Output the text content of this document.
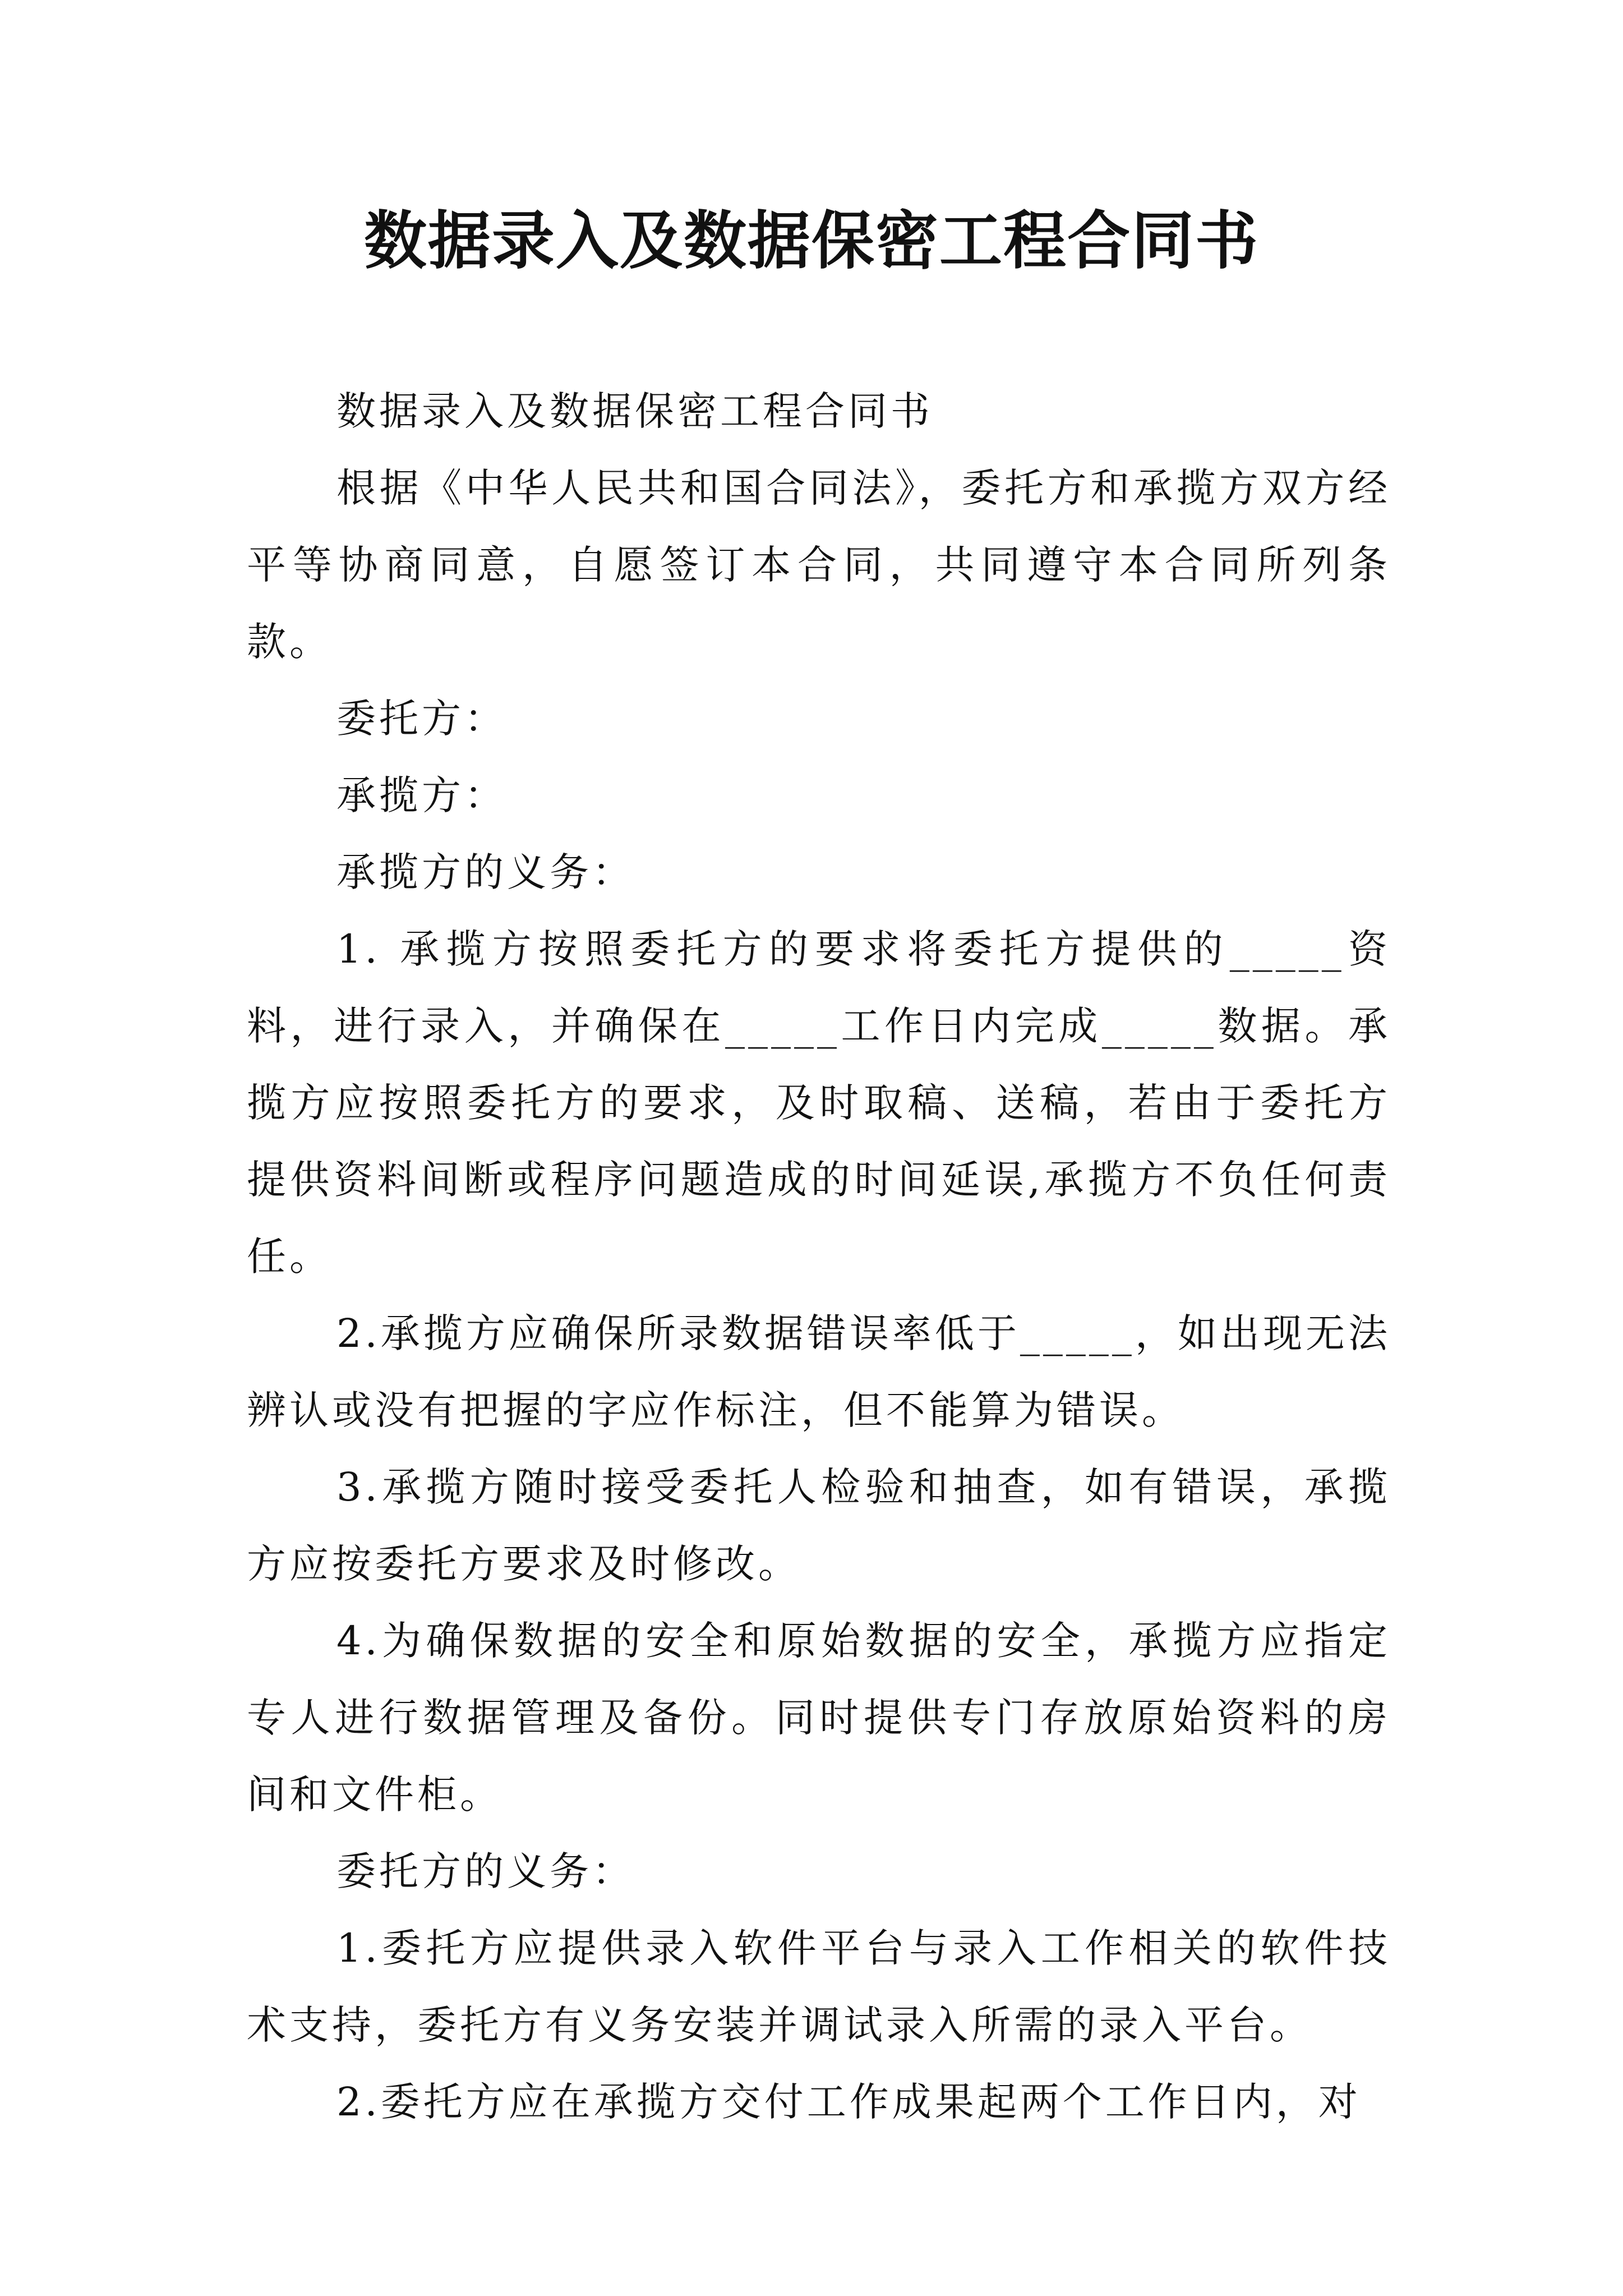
数据录入及数据保密工程合同书

数据录入及数据保密工程合同书

根据《中华人民共和国合同法》，委托方和承揽方双方经平等协商同意，自愿签订本合同，共同遵守本合同所列条款。

委托方：

承揽方：

承揽方的义务：

1. 承揽方按照委托方的要求将委托方提供的_____资料，进行录入，并确保在_____工作日内完成_____数据。承揽方应按照委托方的要求，及时取稿、送稿，若由于委托方提供资料间断或程序问题造成的时间延误,承揽方不负任何责任。

2.承揽方应确保所录数据错误率低于_____，如出现无法辨认或没有把握的字应作标注，但不能算为错误。

3.承揽方随时接受委托人检验和抽查，如有错误，承揽方应按委托方要求及时修改。

4.为确保数据的安全和原始数据的安全，承揽方应指定专人进行数据管理及备份。同时提供专门存放原始资料的房间和文件柜。

委托方的义务：

1.委托方应提供录入软件平台与录入工作相关的软件技术支持，委托方有义务安装并调试录入所需的录入平台。

2.委托方应在承揽方交付工作成果起两个工作日内，对
